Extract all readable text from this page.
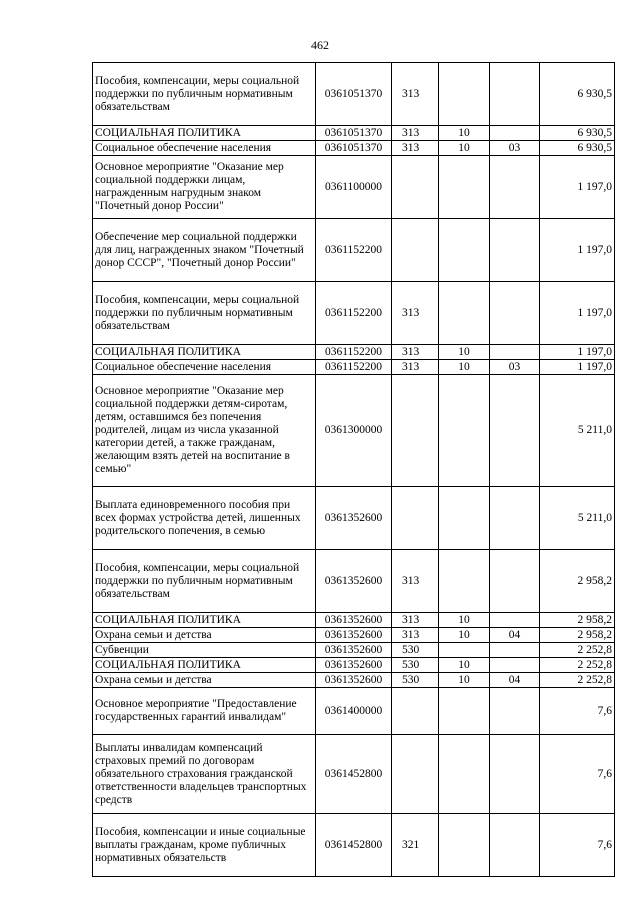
462
Пособия, компенсации, меры социальной поддержки по публичным нормативным обязательствам	0361051370	313			6 930,5
СОЦИАЛЬНАЯ ПОЛИТИКА	0361051370	313	10		6 930,5
Социальное обеспечение населения	0361051370	313	10	03	6 930,5
Основное мероприятие "Оказание мер социальной поддержки лицам, награжденным нагрудным знаком "Почетный донор России"	0361100000				1 197,0
Обеспечение мер социальной поддержки для лиц, награжденных знаком "Почетный донор СССР", "Почетный донор России"	0361152200				1 197,0
Пособия, компенсации, меры социальной поддержки по публичным нормативным обязательствам	0361152200	313			1 197,0
СОЦИАЛЬНАЯ ПОЛИТИКА	0361152200	313	10		1 197,0
Социальное обеспечение населения	0361152200	313	10	03	1 197,0
Основное мероприятие "Оказание мер социальной поддержки детям-сиротам, детям, оставшимся без попечения родителей, лицам из числа указанной категории детей, а также гражданам, желающим взять детей на воспитание в семью"	0361300000				5 211,0
Выплата единовременного пособия при всех формах устройства детей, лишенных родительского попечения, в семью	0361352600				5 211,0
Пособия, компенсации, меры социальной поддержки по публичным нормативным обязательствам	0361352600	313			2 958,2
СОЦИАЛЬНАЯ ПОЛИТИКА	0361352600	313	10		2 958,2
Охрана семьи и детства	0361352600	313	10	04	2 958,2
Субвенции	0361352600	530			2 252,8
СОЦИАЛЬНАЯ ПОЛИТИКА	0361352600	530	10		2 252,8
Охрана семьи и детства	0361352600	530	10	04	2 252,8
Основное мероприятие "Предоставление государственных гарантий инвалидам"	0361400000				7,6
Выплаты инвалидам компенсаций страховых премий по договорам обязательного страхования гражданской ответственности владельцев транспортных средств	0361452800				7,6
Пособия, компенсации и иные социальные выплаты гражданам, кроме публичных нормативных обязательств	0361452800	321			7,6
